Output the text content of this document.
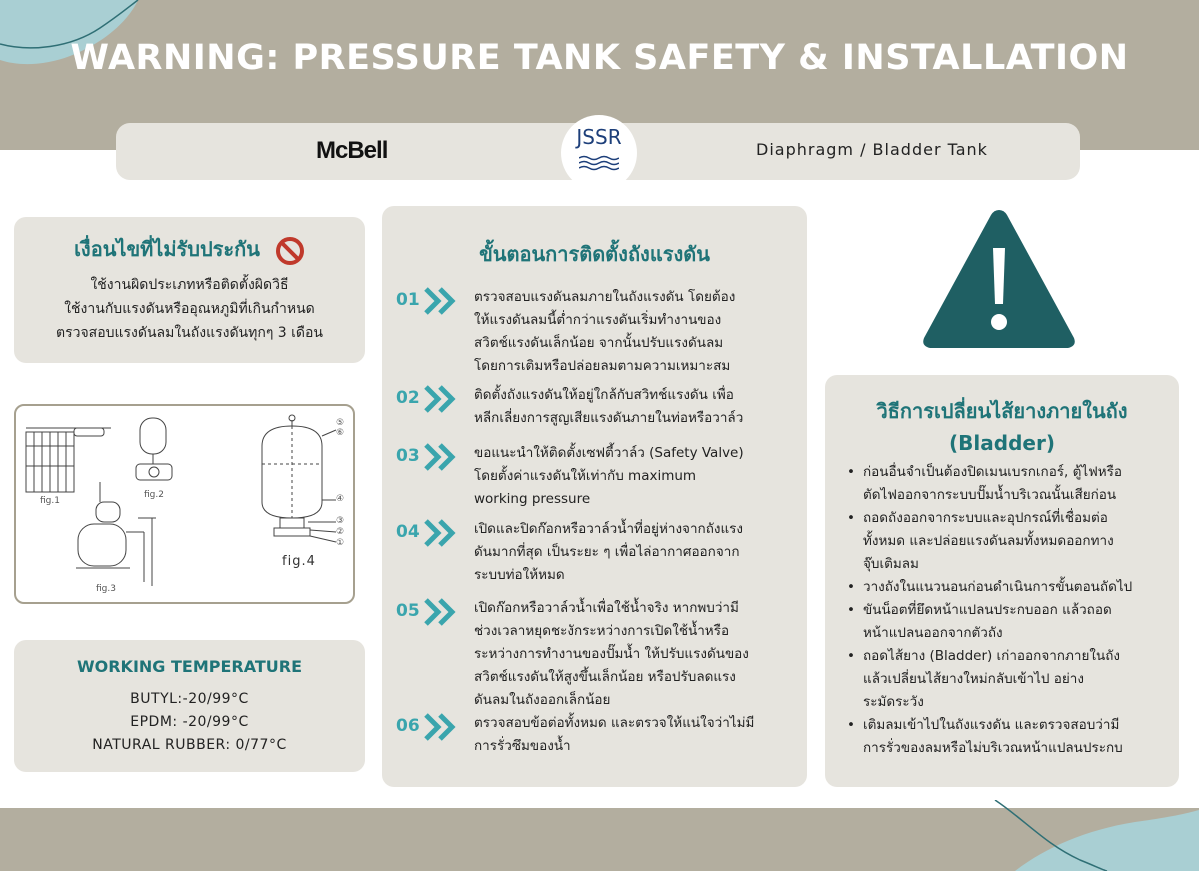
WARNING: PRESSURE TANK SAFETY & INSTALLATION
McBell	JSSR
Diaphragm / Bladder Tank
เงื่อนไขที่ไม่รับประกัน
ใช้งานผิดประเภทหรือติดตั้งผิดวิธี
ใช้งานกับแรงดันหรืออุณหภูมิที่เกินกำหนด
ตรวจสอบแรงดันลมในถังแรงดันทุกๆ 3 เดือน
fig.1
fig.2
fig.3
fig.4
⑤
⑥
④
③
②
①
WORKING TEMPERATURE
BUTYL:-20/99°C
EPDM: -20/99°C
NATURAL RUBBER: 0/77°C
ขั้นตอนการติดตั้งถังแรงดัน
01	ตรวจสอบแรงดันลมภายในถังแรงดัน โดยต้อง
ให้แรงดันลมนี้ต่ำกว่าแรงดันเริ่มทำงานของ
สวิตช์แรงดันเล็กน้อย จากนั้นปรับแรงดันลม
โดยการเติมหรือปล่อยลมตามความเหมาะสม
02	ติดตั้งถังแรงดันให้อยู่ใกล้กับสวิทช์แรงดัน เพื่อ
หลีกเลี่ยงการสูญเสียแรงดันภายในท่อหรือวาล์ว
03	ขอแนะนำให้ติดตั้งเซฟตี้วาล์ว (Safety Valve)
โดยตั้งค่าแรงดันให้เท่ากับ maximum
working pressure
04	เปิดและปิดก๊อกหรือวาล์วน้ำที่อยู่ห่างจากถังแรง
ดันมากที่สุด เป็นระยะ ๆ เพื่อไล่อากาศออกจาก
ระบบท่อให้หมด
05	เปิดก๊อกหรือวาล์วน้ำเพื่อใช้น้ำจริง หากพบว่ามี
ช่วงเวลาหยุดชะงักระหว่างการเปิดใช้น้ำหรือ
ระหว่างการทำงานของปั๊มน้ำ ให้ปรับแรงดันของ
สวิตช์แรงดันให้สูงขึ้นเล็กน้อย หรือปรับลดแรง
ดันลมในถังออกเล็กน้อย
06	ตรวจสอบข้อต่อทั้งหมด และตรวจให้แน่ใจว่าไม่มี
การรั่วซึมของน้ำ
วิธีการเปลี่ยนไส้ยางภายในถัง
(Bladder)
• ก่อนอื่นจำเป็นต้องปิดเมนเบรกเกอร์, ตู้ไฟหรือ
ตัดไฟออกจากระบบปั๊มน้ำบริเวณนั้นเสียก่อน
• ถอดถังออกจากระบบและอุปกรณ์ที่เชื่อมต่อ
ทั้งหมด และปล่อยแรงดันลมทั้งหมดออกทาง
จุ๊บเติมลม
• วางถังในแนวนอนก่อนดำเนินการขั้นตอนถัดไป
• ขันน็อตที่ยึดหน้าแปลนประกบออก แล้วถอด
หน้าแปลนออกจากตัวถัง
• ถอดไส้ยาง (Bladder) เก่าออกจากภายในถัง
แล้วเปลี่ยนไส้ยางใหม่กลับเข้าไป อย่าง
ระมัดระวัง
• เติมลมเข้าไปในถังแรงดัน และตรวจสอบว่ามี
การรั่วของลมหรือไม่บริเวณหน้าแปลนประกบ
